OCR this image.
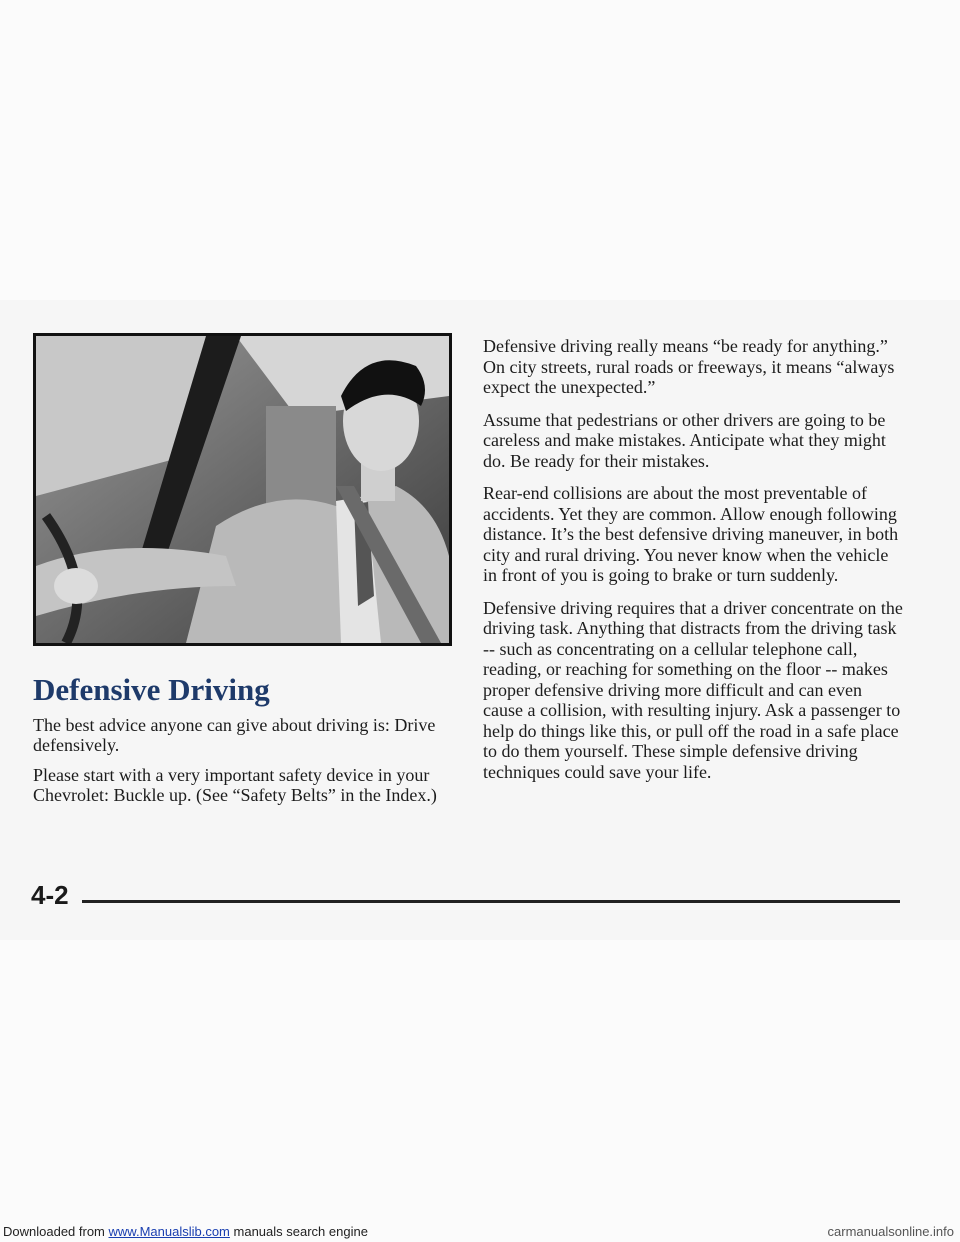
Defensive Driving

The best advice anyone can give about driving is: Drive defensively.

Please start with a very important safety device in your Chevrolet: Buckle up. (See “Safety Belts” in the Index.)

Defensive driving really means “be ready for anything.” On city streets, rural roads or freeways, it means “always expect the unexpected.”

Assume that pedestrians or other drivers are going to be careless and make mistakes. Anticipate what they might do. Be ready for their mistakes.

Rear-end collisions are about the most preventable of accidents. Yet they are common. Allow enough following distance. It’s the best defensive driving maneuver, in both city and rural driving. You never know when the vehicle in front of you is going to brake or turn suddenly.

Defensive driving requires that a driver concentrate on the driving task. Anything that distracts from the driving task -- such as concentrating on a cellular telephone call, reading, or reaching for something on the floor -- makes proper defensive driving more difficult and can even cause a collision, with resulting injury. Ask a passenger to help do things like this, or pull off the road in a safe place to do them yourself. These simple defensive driving techniques could save your life.

4-2
Downloaded from www.Manualslib.com manuals search engine	carmanualsonline.info
